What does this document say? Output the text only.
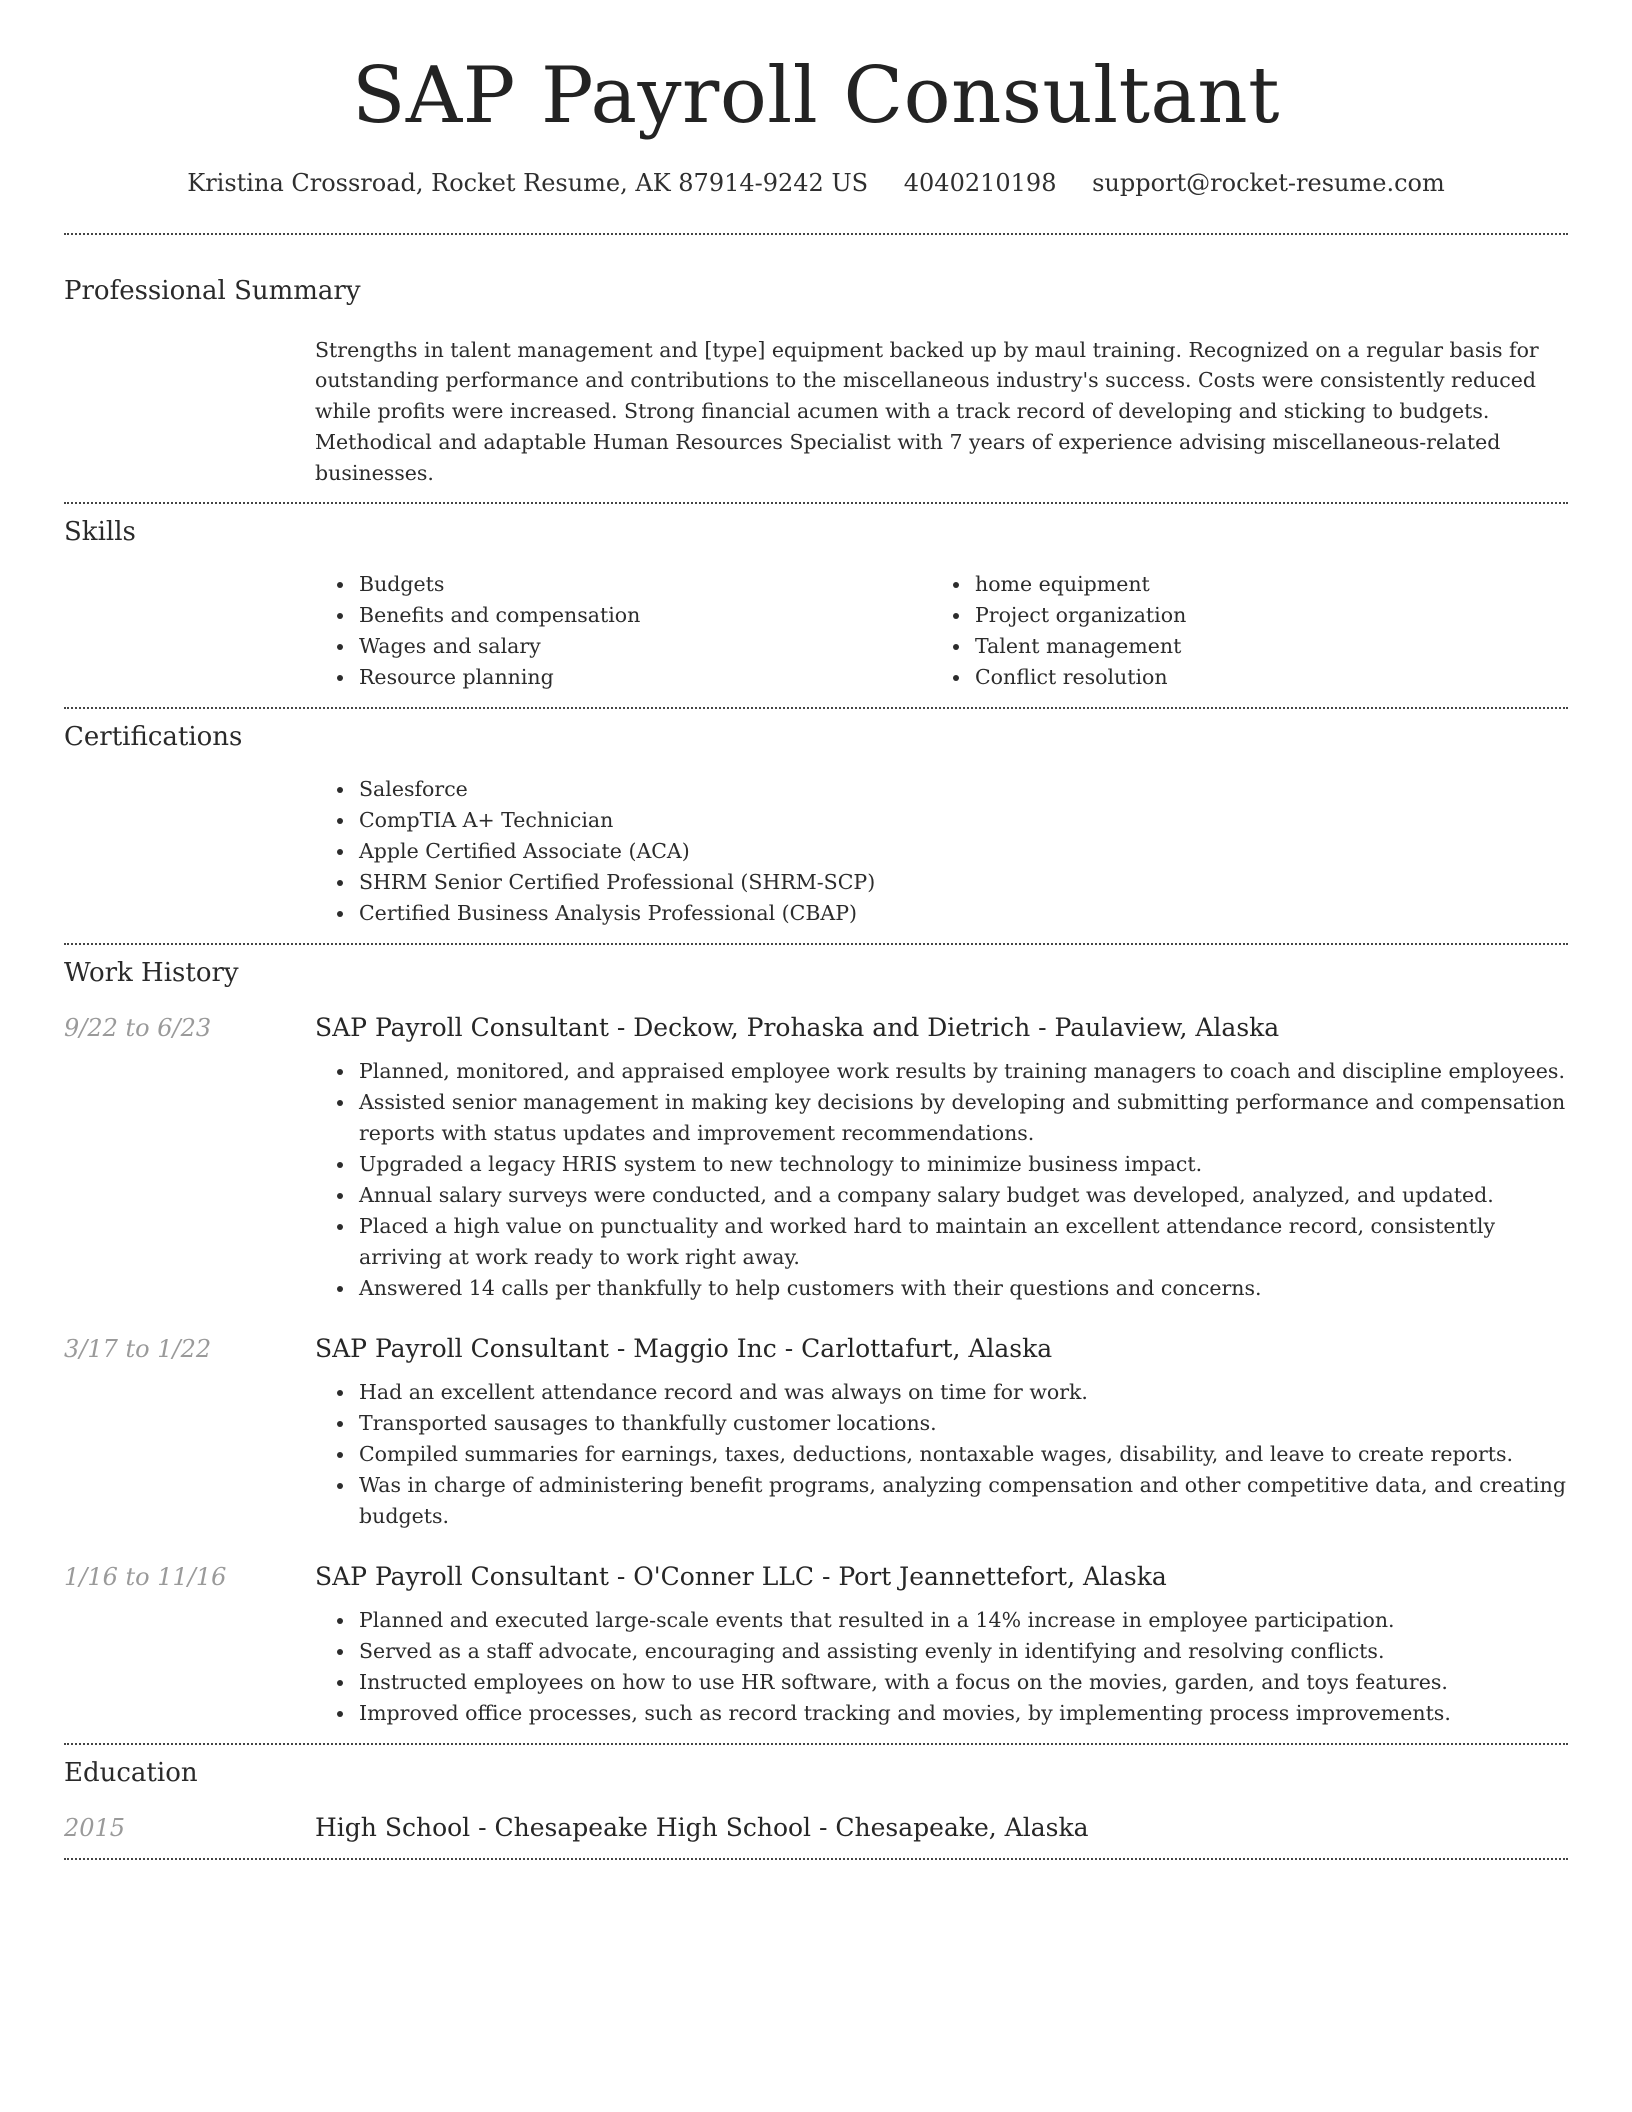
SAP Payroll Consultant
Kristina Crossroad, Rocket Resume, AK 87914-9242 US 4040210198 support@rocket-resume.com
Professional Summary
Strengths in talent management and [type] equipment backed up by maul training. Recognized on a regular basis for outstanding performance and contributions to the miscellaneous industry's success. Costs were consistently reduced while profits were increased. Strong financial acumen with a track record of developing and sticking to budgets. Methodical and adaptable Human Resources Specialist with 7 years of experience advising miscellaneous-related businesses.
Skills
Budgets
Benefits and compensation
Wages and salary
Resource planning
home equipment
Project organization
Talent management
Conflict resolution
Certifications
Salesforce
CompTIA A+ Technician
Apple Certified Associate (ACA)
SHRM Senior Certified Professional (SHRM-SCP)
Certified Business Analysis Professional (CBAP)
Work History
9/22 to 6/23	SAP Payroll Consultant - Deckow, Prohaska and Dietrich - Paulaview, Alaska
Planned, monitored, and appraised employee work results by training managers to coach and discipline employees.
Assisted senior management in making key decisions by developing and submitting performance and compensation reports with status updates and improvement recommendations.
Upgraded a legacy HRIS system to new technology to minimize business impact.
Annual salary surveys were conducted, and a company salary budget was developed, analyzed, and updated.
Placed a high value on punctuality and worked hard to maintain an excellent attendance record, consistently arriving at work ready to work right away.
Answered 14 calls per thankfully to help customers with their questions and concerns.
3/17 to 1/22	SAP Payroll Consultant - Maggio Inc - Carlottafurt, Alaska
Had an excellent attendance record and was always on time for work.
Transported sausages to thankfully customer locations.
Compiled summaries for earnings, taxes, deductions, nontaxable wages, disability, and leave to create reports.
Was in charge of administering benefit programs, analyzing compensation and other competitive data, and creating budgets.
1/16 to 11/16	SAP Payroll Consultant - O'Conner LLC - Port Jeannettefort, Alaska
Planned and executed large-scale events that resulted in a 14% increase in employee participation.
Served as a staff advocate, encouraging and assisting evenly in identifying and resolving conflicts.
Instructed employees on how to use HR software, with a focus on the movies, garden, and toys features.
Improved office processes, such as record tracking and movies, by implementing process improvements.
Education
2015	High School - Chesapeake High School - Chesapeake, Alaska
